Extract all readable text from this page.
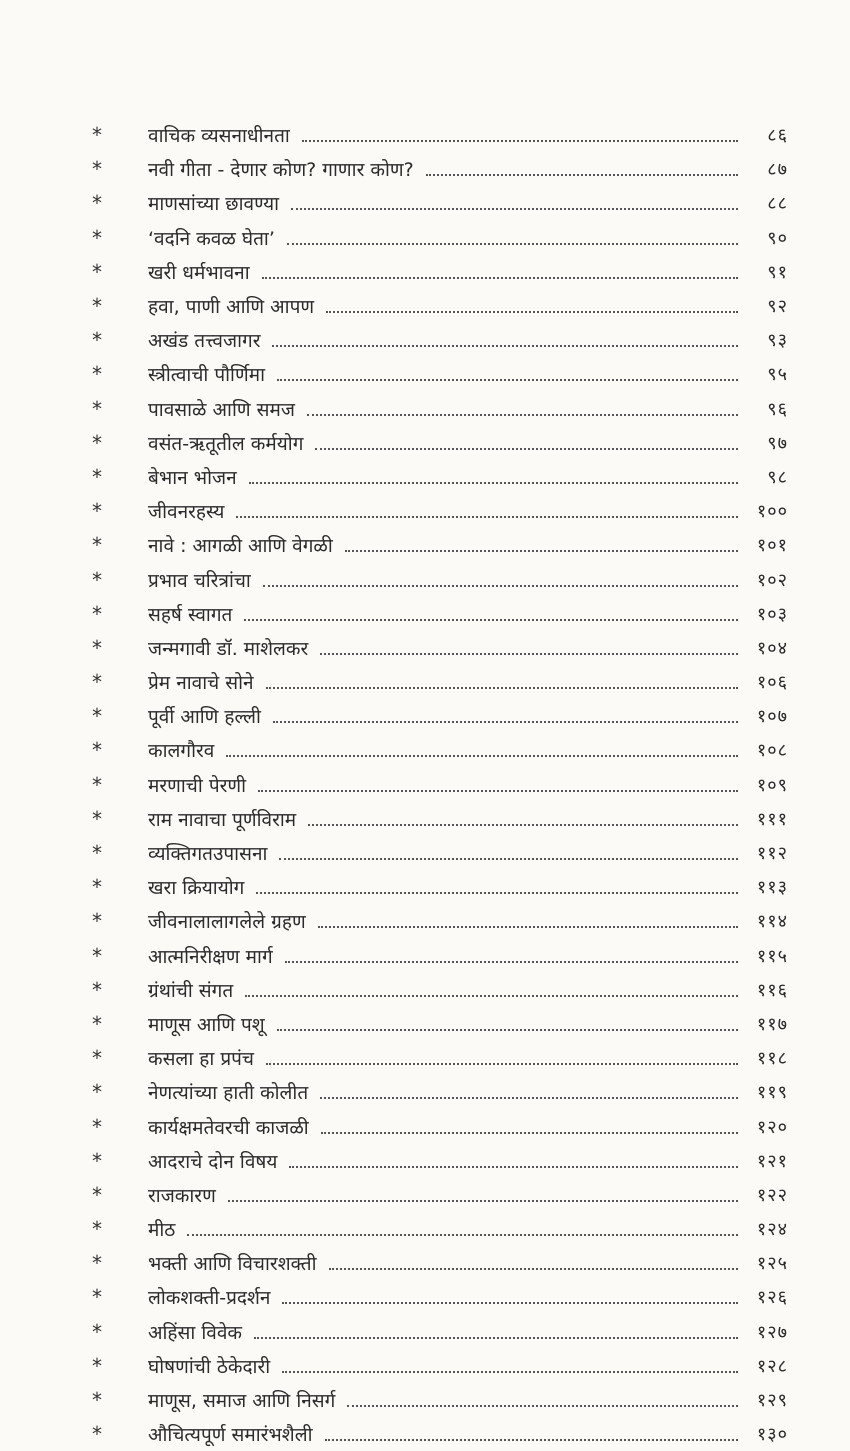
*	वाचिक व्यसनाधीनता	८६
*	नवी गीता - देणार कोण? गाणार कोण?	८७
*	माणसांच्या छावण्या	८८
*	‘वदनि कवळ घेता’	९०
*	खरी धर्मभावना	९१
*	हवा, पाणी आणि आपण	९२
*	अखंड तत्त्वजागर	९३
*	स्त्रीत्वाची पौर्णिमा	९५
*	पावसाळे आणि समज	९६
*	वसंत-ऋतूतील कर्मयोग	९७
*	बेभान भोजन	९८
*	जीवनरहस्य	१००
*	नावे : आगळी आणि वेगळी	१०१
*	प्रभाव चरित्रांचा	१०२
*	सहर्ष स्वागत	१०३
*	जन्मगावी डॉ. माशेलकर	१०४
*	प्रेम नावाचे सोने	१०६
*	पूर्वी आणि हल्ली	१०७
*	कालगौरव	१०८
*	मरणाची पेरणी	१०९
*	राम नावाचा पूर्णविराम	१११
*	व्यक्तिगतउपासना	११२
*	खरा क्रियायोग	११३
*	जीवनालालागलेले ग्रहण	११४
*	आत्मनिरीक्षण मार्ग	११५
*	ग्रंथांची संगत	११६
*	माणूस आणि पशू	११७
*	कसला हा प्रपंच	११८
*	नेणत्यांच्या हाती कोलीत	११९
*	कार्यक्षमतेवरची काजळी	१२०
*	आदराचे दोन विषय	१२१
*	राजकारण	१२२
*	मीठ	१२४
*	भक्ती आणि विचारशक्ती	१२५
*	लोकशक्ती-प्रदर्शन	१२६
*	अहिंसा विवेक	१२७
*	घोषणांची ठेकेदारी	१२८
*	माणूस, समाज आणि निसर्ग	१२९
*	औचित्यपूर्ण समारंभशैली	१३०
